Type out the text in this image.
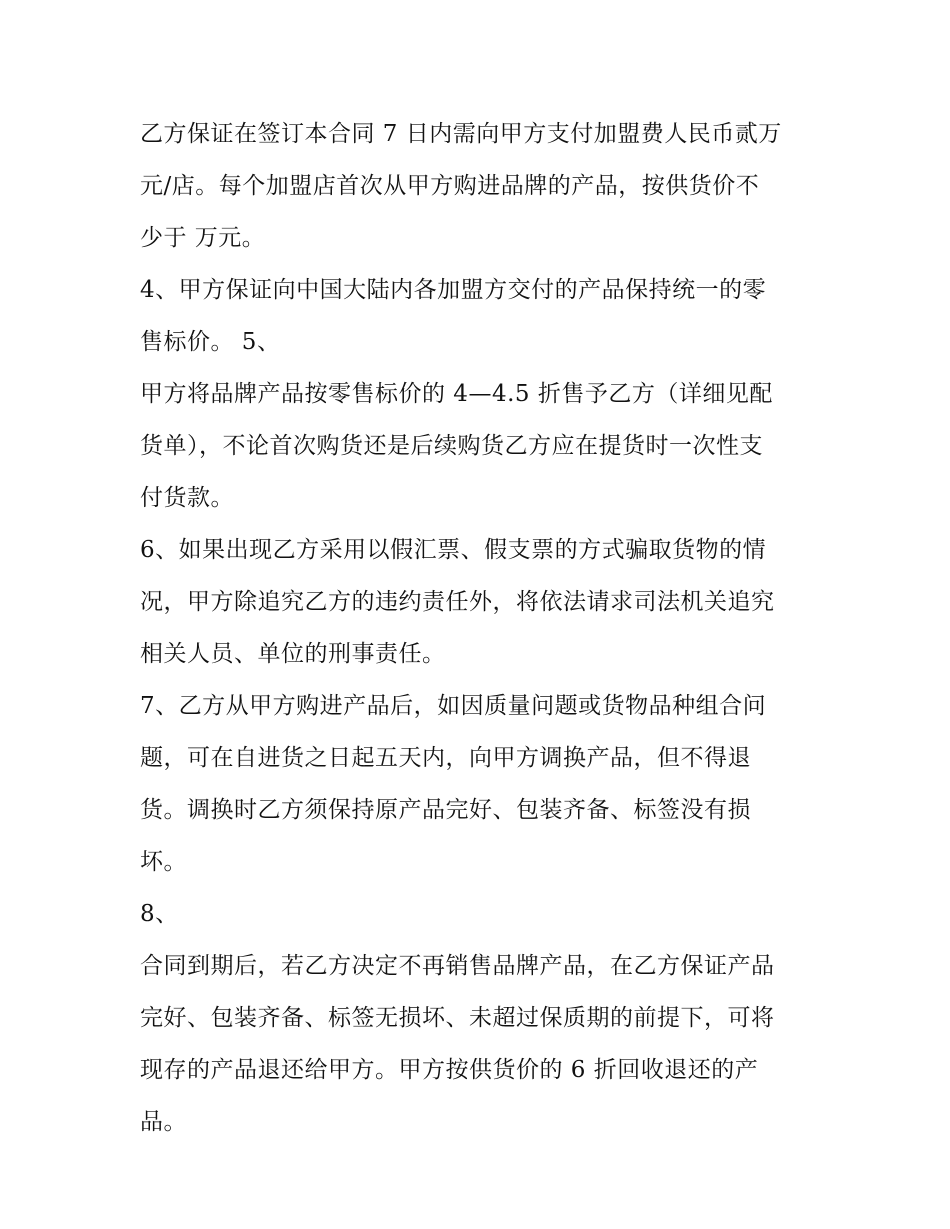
乙方保证在签订本合同 7 日内需向甲方支付加盟费人民币贰万
元/店。每个加盟店首次从甲方购进品牌的产品，按供货价不
少于 万元。
4、甲方保证向中国大陆内各加盟方交付的产品保持统一的零
售标价。 5、
甲方将品牌产品按零售标价的 4—4.5 折售予乙方（详细见配
货单），不论首次购货还是后续购货乙方应在提货时一次性支
付货款。
6、如果出现乙方采用以假汇票、假支票的方式骗取货物的情
况，甲方除追究乙方的违约责任外，将依法请求司法机关追究
相关人员、单位的刑事责任。
7、乙方从甲方购进产品后，如因质量问题或货物品种组合问
题，可在自进货之日起五天内，向甲方调换产品，但不得退
货。调换时乙方须保持原产品完好、包装齐备、标签没有损
坏。
8、
合同到期后，若乙方决定不再销售品牌产品，在乙方保证产品
完好、包装齐备、标签无损坏、未超过保质期的前提下，可将
现存的产品退还给甲方。甲方按供货价的 6 折回收退还的产
品。
